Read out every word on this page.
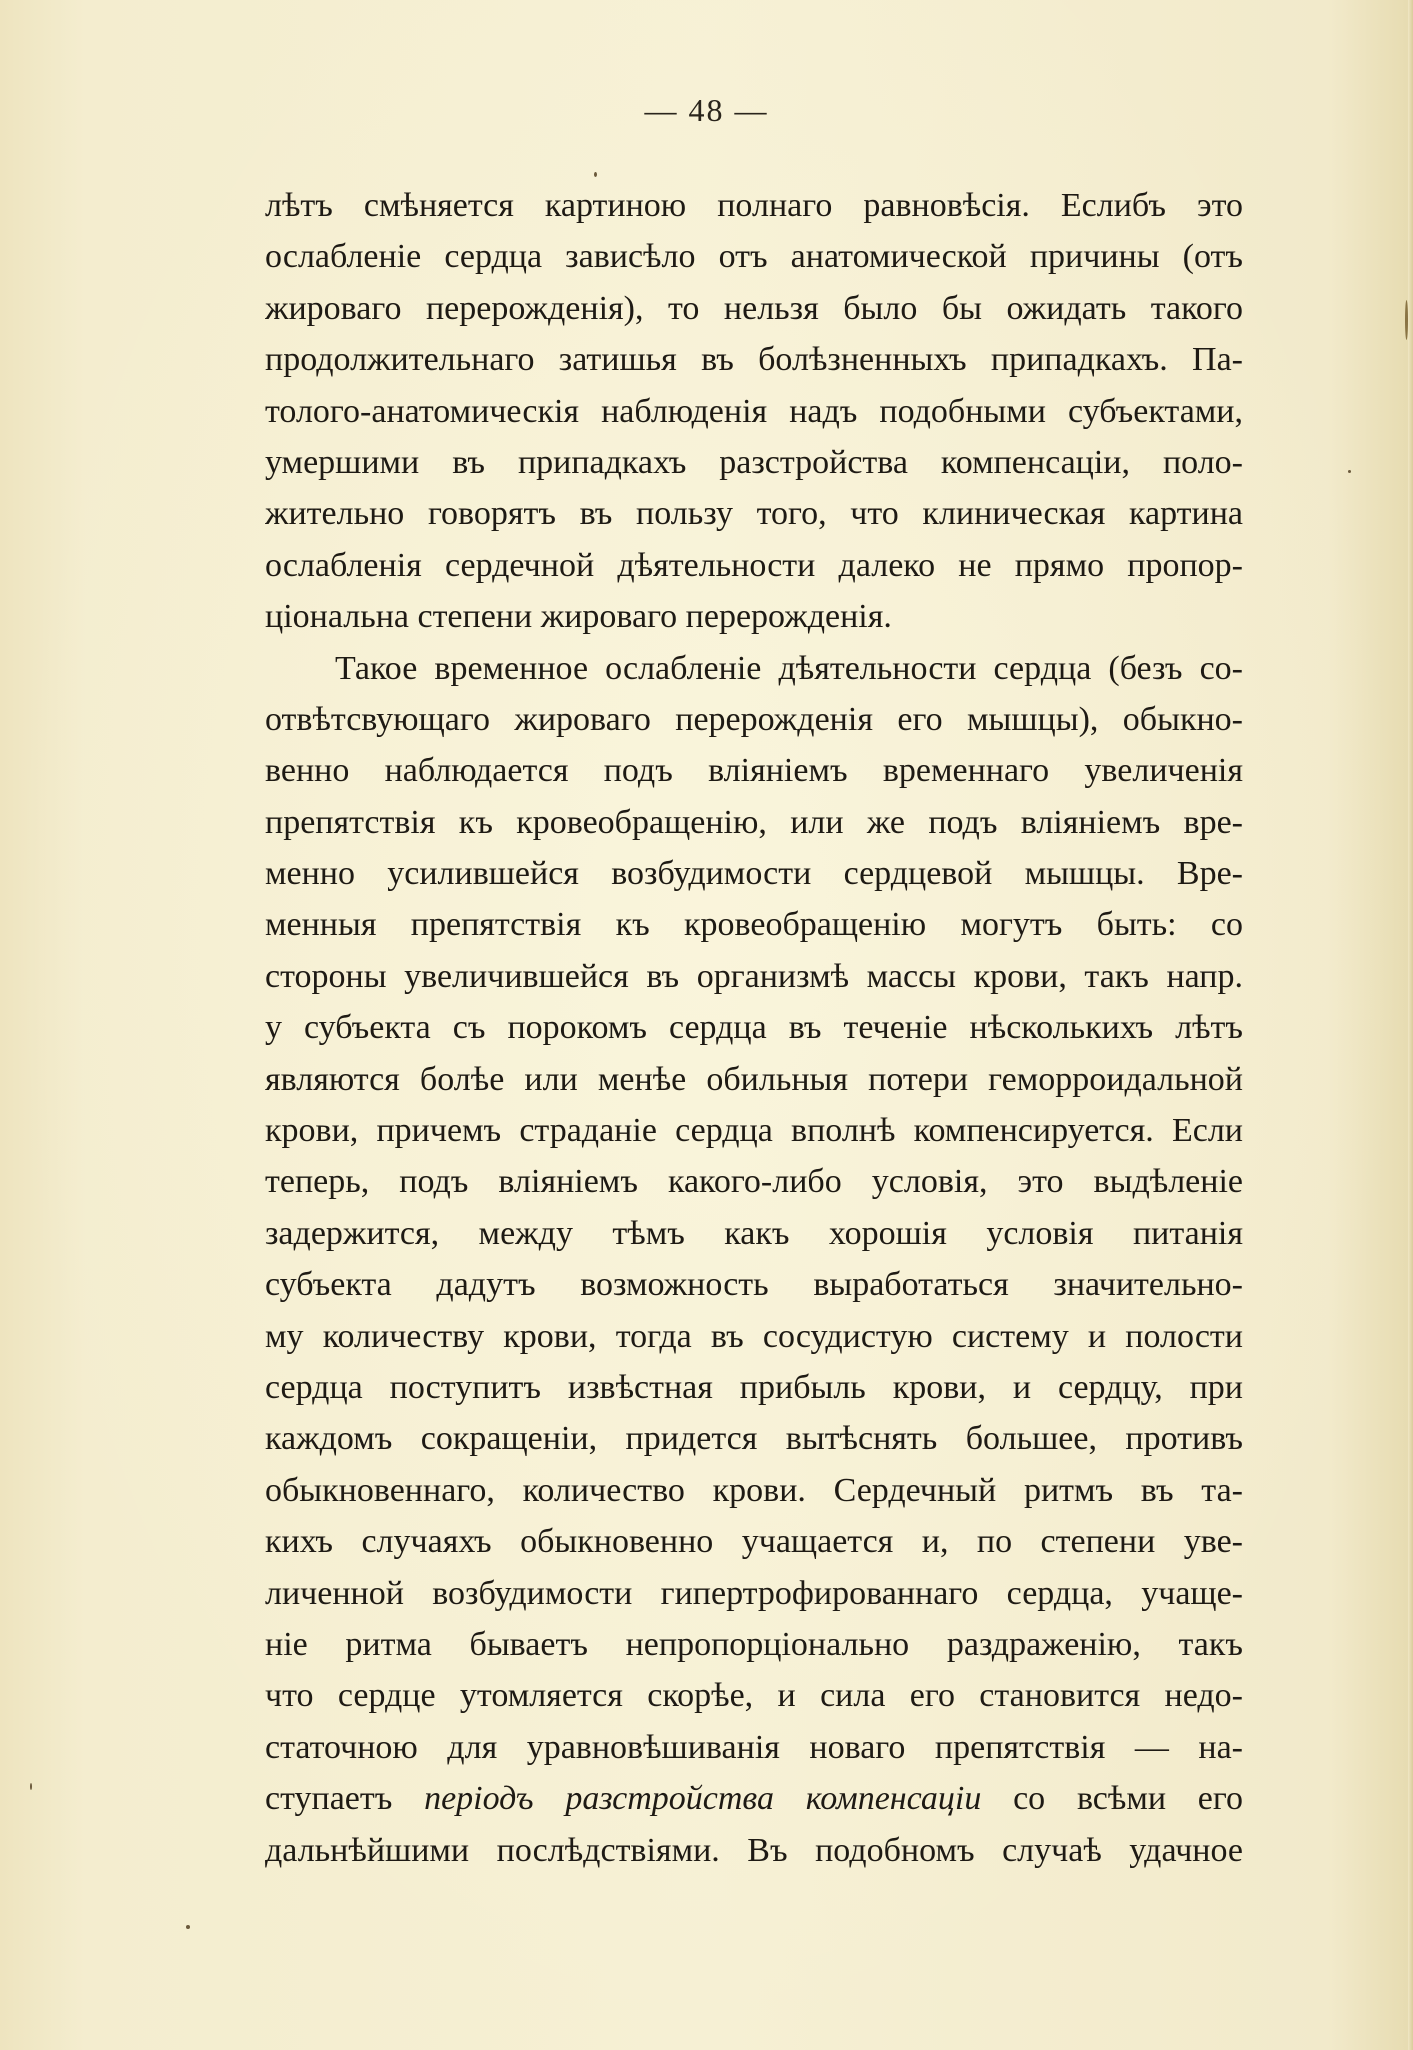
— 48 —
лѣтъ смѣняется картиною полнаго равновѣсія. Еслибъ это
ослабленіе сердца зависѣло отъ анатомической причины (отъ
жироваго перерожденія), то нельзя было бы ожидать такого
продолжительнаго затишья въ болѣзненныхъ припадкахъ. Па-
толого-анатомическія наблюденія надъ подобными субъектами,
умершими въ припадкахъ разстройства компенсаціи, поло-
жительно говорятъ въ пользу того, что клиническая картина
ослабленія сердечной дѣятельности далеко не прямо пропор-
ціональна степени жироваго перерожденія.
Такое временное ослабленіе дѣятельности сердца (безъ со-
отвѣтсвующаго жироваго перерожденія его мышцы), обыкно-
венно наблюдается подъ вліяніемъ временнаго увеличенія
препятствія къ кровеобращенію, или же подъ вліяніемъ вре-
менно усилившейся возбудимости сердцевой мышцы. Вре-
менныя препятствія къ кровеобращенію могутъ быть: со
стороны увеличившейся въ организмѣ массы крови, такъ напр.
у субъекта съ порокомъ сердца въ теченіе нѣсколькихъ лѣтъ
являются болѣе или менѣе обильныя потери геморроидальной
крови, причемъ страданіе сердца вполнѣ компенсируется. Если
теперь, подъ вліяніемъ какого-либо условія, это выдѣленіе
задержится, между тѣмъ какъ хорошія условія питанія
субъекта дадутъ возможность выработаться значительно-
му количеству крови, тогда въ сосудистую систему и полости
сердца поступитъ извѣстная прибыль крови, и сердцу, при
каждомъ сокращеніи, придется вытѣснять большее, противъ
обыкновеннаго, количество крови. Сердечный ритмъ въ та-
кихъ случаяхъ обыкновенно учащается и, по степени уве-
личенной возбудимости гипертрофированнаго сердца, учаще-
ніе ритма бываетъ непропорціонально раздраженію, такъ
что сердце утомляется скорѣе, и сила его становится недо-
статочною для уравновѣшиванія новаго препятствія — на-
ступаетъ періодъ разстройства компенсаціи со всѣми его
дальнѣйшими послѣдствіями. Въ подобномъ случаѣ удачное
